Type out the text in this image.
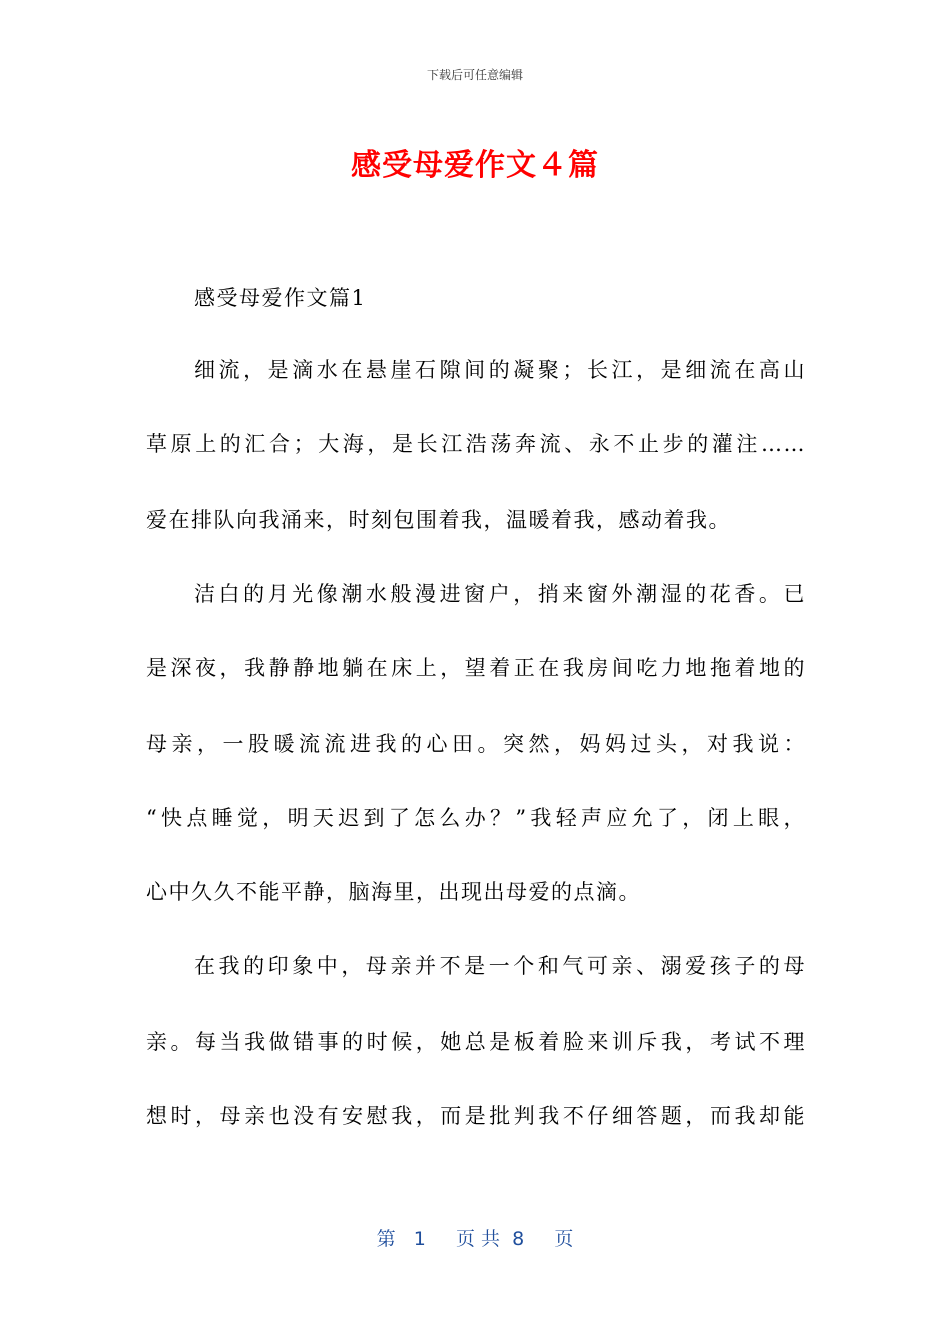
下载后可任意编辑
感受母爱作文４篇
感受母爱作文篇1
细流，是滴水在悬崖石隙间的凝聚；长江，是细流在高山
草原上的汇合；大海，是长江浩荡奔流、永不止步的灌注……
爱在排队向我涌来，时刻包围着我，温暖着我，感动着我。
洁白的月光像潮水般漫进窗户，捎来窗外潮湿的花香。已
是深夜，我静静地躺在床上，望着正在我房间吃力地拖着地的
母亲，一股暖流流进我的心田。突然，妈妈过头，对我说：
“快点睡觉，明天迟到了怎么办？”我轻声应允了，闭上眼，
心中久久不能平静，脑海里，出现出母爱的点滴。
在我的印象中，母亲并不是一个和气可亲、溺爱孩子的母
亲。每当我做错事的时候，她总是板着脸来训斥我，考试不理
想时，母亲也没有安慰我，而是批判我不仔细答题，而我却能
第   1     页 共  8     页
